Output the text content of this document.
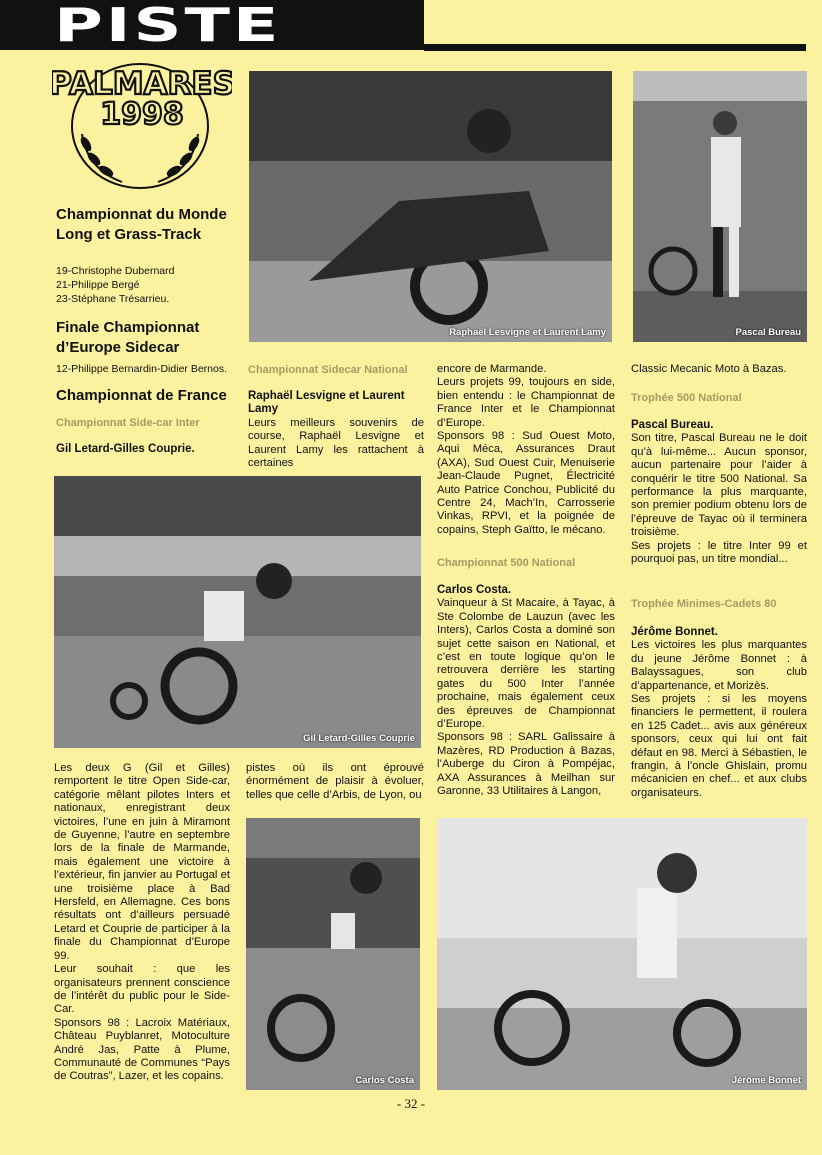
PISTE
PALMARES
1998
Championnat du Monde Long et Grass-Track
19-Christophe Dubernard
21-Philippe Bergé
23-Stéphane Trésarrieu.
Finale Championnat d’Europe Sidecar
12-Philippe Bernardin-Didier Bernos.
Championnat de France
Championnat Side-car Inter
Gil Letard-Gilles Couprie.
Raphaël Lesvigne et Laurent Lamy	Pascal Bureau
Championnat Sidecar National
Raphaël Lesvigne et Laurent Lamy
Leurs meilleurs souvenirs de course, Raphaël Lesvigne et Laurent Lamy les rattachent à certaines
encore de Marmande.
Leurs projets 99, toujours en side, bien entendu : le Championnat de France Inter et le Championnat d’Europe.
Sponsors 98 : Sud Ouest Moto, Aqui Méca, Assurances Draut (AXA), Sud Ouest Cuir, Menuiserie Jean-Claude Pugnet, Électricité Auto Patrice Conchou, Publicité du Centre 24, Mach’In, Carrosserie Vinkas, RPVI, et la poignée de copains, Steph Gaïtto, le mécano.
Championnat 500 National
Carlos Costa.
Vainqueur à St Macaire, à Tayac, à Ste Colombe de Lauzun (avec les Inters), Carlos Costa a dominé son sujet cette saison en National, et c’est en toute logique qu’on le retrouvera derrière les starting gates du 500 Inter l’année prochaine, mais également ceux des épreuves de Championnat d’Europe.
Sponsors 98 : SARL Galissaire à Mazères, RD Production à Bazas, l’Auberge du Ciron à Pompéjac, AXA Assurances à Meilhan sur Garonne, 33 Utilitaires à Langon,
Classic Mecanic Moto à Bazas.
Trophée 500 National
Pascal Bureau.
Son titre, Pascal Bureau ne le doit qu’à lui-même... Aucun sponsor, aucun partenaire pour l’aider à conquérir le titre 500 National. Sa performance la plus marquante, son premier podium obtenu lors de l’épreuve de Tayac où il terminera troisième.
Ses projets : le titre Inter 99 et pourquoi pas, un titre mondial...
Trophée Minimes-Cadets 80
Jérôme Bonnet.
Les victoires les plus marquantes du jeune Jérôme Bonnet : à Balayssagues, son club d’appartenance, et Morizès.
Ses projets : si les moyens financiers le permettent, il roulera en 125 Cadet... avis aux généreux sponsors, ceux qui lui ont fait défaut en 98. Merci à Sébastien, le frangin, à l’oncle Ghislain, promu mécanicien en chef... et aux clubs organisateurs.
Gil Letard-Gilles Couprie
Les deux G (Gil et Gilles) remportent le titre Open Side-car, catégorie mêlant pilotes Inters et nationaux, enregistrant deux victoires, l’une en juin à Miramont de Guyenne, l’autre en septembre lors de la finale de Marmande, mais également une victoire à l’extérieur, fin janvier au Portugal et une troisième place à Bad Hersfeld, en Allemagne. Ces bons résultats ont d’ailleurs persuadé Letard et Couprie de participer à la finale du Championnat d’Europe 99.
Leur souhait : que les organisateurs prennent conscience de l’intérêt du public pour le Side-Car.
Sponsors 98 : Lacroix Matériaux, Château Puyblanret, Motoculture André Jas, Patte à Plume, Communauté de Communes “Pays de Coutras”, Lazer, et les copains.
pistes où ils ont éprouvé énormément de plaisir à évoluer, telles que celle d’Arbis, de Lyon, ou
Carlos Costa	Jérôme Bonnet
- 32 -
